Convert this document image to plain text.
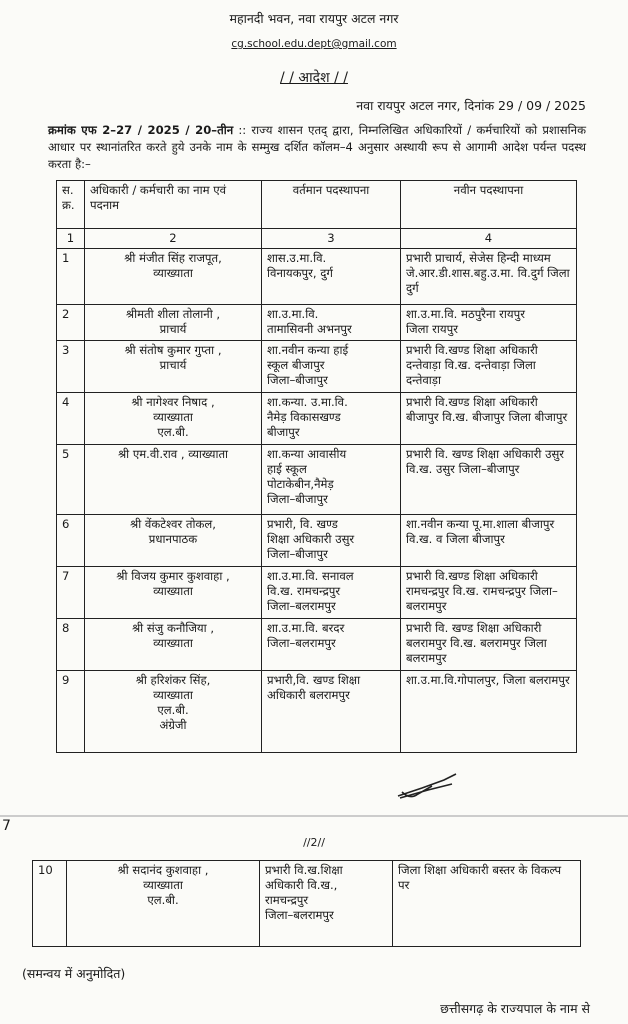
महानदी भवन, नवा रायपुर अटल नगर
cg.school.edu.dept@gmail.com
/ / आदेश / /
नवा रायपुर अटल नगर, दिनांक 29 / 09 / 2025
क्रमांक एफ 2–27 / 2025 / 20–तीन :: राज्य शासन एतद् द्वारा, निम्नलिखित अधिकारियों / कर्मचारियों को प्रशासनिक आधार पर स्थानांतरित करते हुये उनके नाम के सम्मुख दर्शित कॉलम–4 अनुसार अस्थायी रूप से आगामी आदेश पर्यन्त पदस्थ करता है:–
स. क्र.	अधिकारी / कर्मचारी का नाम एवं पदनाम	वर्तमान पदस्थापना	नवीन पदस्थापना
1	2	3	4
1	श्री मंजीत सिंह राजपूत,
व्याख्याता	शास.उ.मा.वि.
विनायकपुर, दुर्ग	प्रभारी प्राचार्य, सेजेस हिन्दी माध्यम जे.आर.डी.शास.बहु.उ.मा. वि.दुर्ग जिला दुर्ग
2	श्रीमती शीला तोलानी ,
प्राचार्य	शा.उ.मा.वि.
तामासिवनी अभनपुर	शा.उ.मा.वि. मठपुरैना रायपुर
जिला रायपुर
3	श्री संतोष कुमार गुप्ता ,
प्राचार्य	शा.नवीन कन्या हाई
स्कूल बीजापुर
जिला–बीजापुर	प्रभारी वि.खण्ड शिक्षा अधिकारी दन्तेवाड़ा वि.ख. दन्तेवाड़ा जिला दन्तेवाड़ा
4	श्री नागेश्वर निषाद ,
व्याख्याता
एल.बी.	शा.कन्या. उ.मा.वि.
नैमेड़ विकासखण्ड
बीजापुर	प्रभारी वि.खण्ड शिक्षा अधिकारी बीजापुर वि.ख. बीजापुर जिला बीजापुर
5	श्री एम.वी.राव , व्याख्याता	शा.कन्या आवासीय
हाई स्कूल
पोटाकेबीन,नैमेड़
जिला–बीजापुर	प्रभारी वि. खण्ड शिक्षा अधिकारी उसुर वि.ख. उसुर जिला–बीजापुर
6	श्री वेंकटेश्वर तोकल,
प्रधानपाठक	प्रभारी, वि. खण्ड
शिक्षा अधिकारी उसुर
जिला–बीजापुर	शा.नवीन कन्या पू.मा.शाला बीजापुर वि.ख. व जिला बीजापुर
7	श्री विजय कुमार कुशवाहा ,
व्याख्याता	शा.उ.मा.वि. सनावल
वि.ख. रामचन्द्रपुर
जिला–बलरामपुर	प्रभारी वि.खण्ड शिक्षा अधिकारी रामचन्द्रपुर वि.ख. रामचन्द्रपुर जिला–बलरामपुर
8	श्री संजु कनौजिया ,
व्याख्याता	शा.उ.मा.वि. बरदर
जिला–बलरामपुर	प्रभारी वि. खण्ड शिक्षा अधिकारी बलरामपुर वि.ख. बलरामपुर जिला बलरामपुर
9	श्री हरिशंकर सिंह,
व्याख्याता
एल.बी.
अंग्रेजी	प्रभारी,वि. खण्ड शिक्षा
अधिकारी बलरामपुर	शा.उ.मा.वि.गोपालपुर, जिला बलरामपुर
7
//2//
10	श्री सदानंद कुशवाहा ,
व्याख्याता
एल.बी.	प्रभारी वि.ख.शिक्षा
अधिकारी वि.ख.,
रामचन्द्रपुर
जिला–बलरामपुर	जिला शिक्षा अधिकारी बस्तर के विकल्प पर
(समन्वय में अनुमोदित)
छत्तीसगढ़ के राज्यपाल के नाम से
